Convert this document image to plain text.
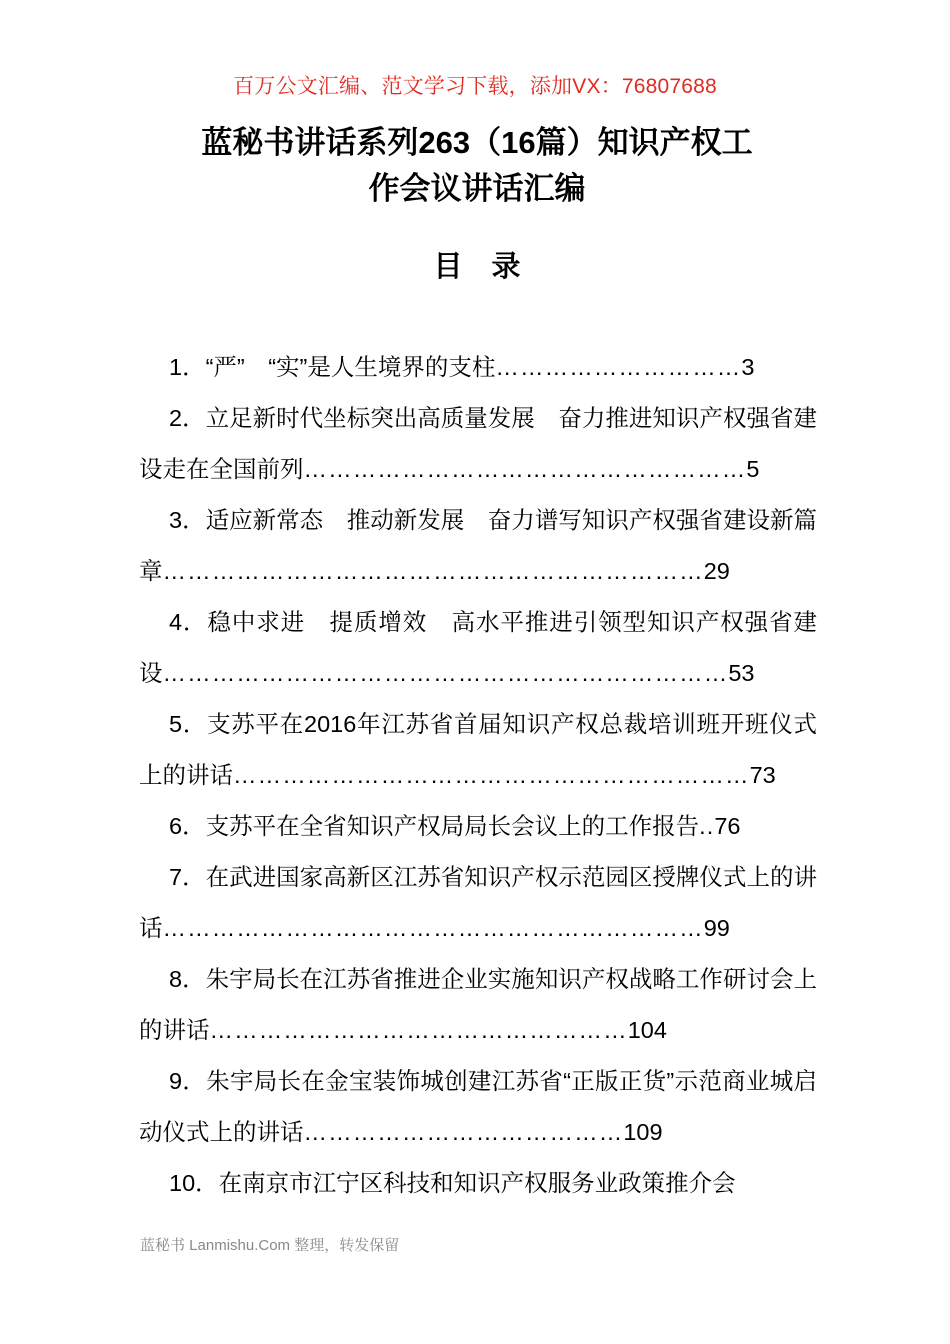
百万公文汇编、范文学习下载，添加VX：76807688
蓝秘书讲话系列263（16篇）知识产权工
作会议讲话汇编
目　录
1．“严”　“实”是人生境界的支柱…………………………3
2．立足新时代坐标突出高质量发展　奋力推进知识产权强省建设走在全国前列………………………………………………5
3．适应新常态　推动新发展　奋力谱写知识产权强省建设新篇章…………………………………………………………29
4．稳中求进　提质增效　高水平推进引领型知识产权强省建设……………………………………………………………53
5．支苏平在2016年江苏省首届知识产权总裁培训班开班仪式上的讲话………………………………………………………73
6．支苏平在全省知识产权局局长会议上的工作报告..76
7．在武进国家高新区江苏省知识产权示范园区授牌仪式上的讲话…………………………………………………………99
8．朱宇局长在江苏省推进企业实施知识产权战略工作研讨会上的讲话……………………………………………104
9．朱宇局长在金宝装饰城创建江苏省“正版正货”示范商业城启动仪式上的讲话…………………………………109
10．在南京市江宁区科技和知识产权服务业政策推介会
蓝秘书 Lanmishu.Com 整理，转发保留
